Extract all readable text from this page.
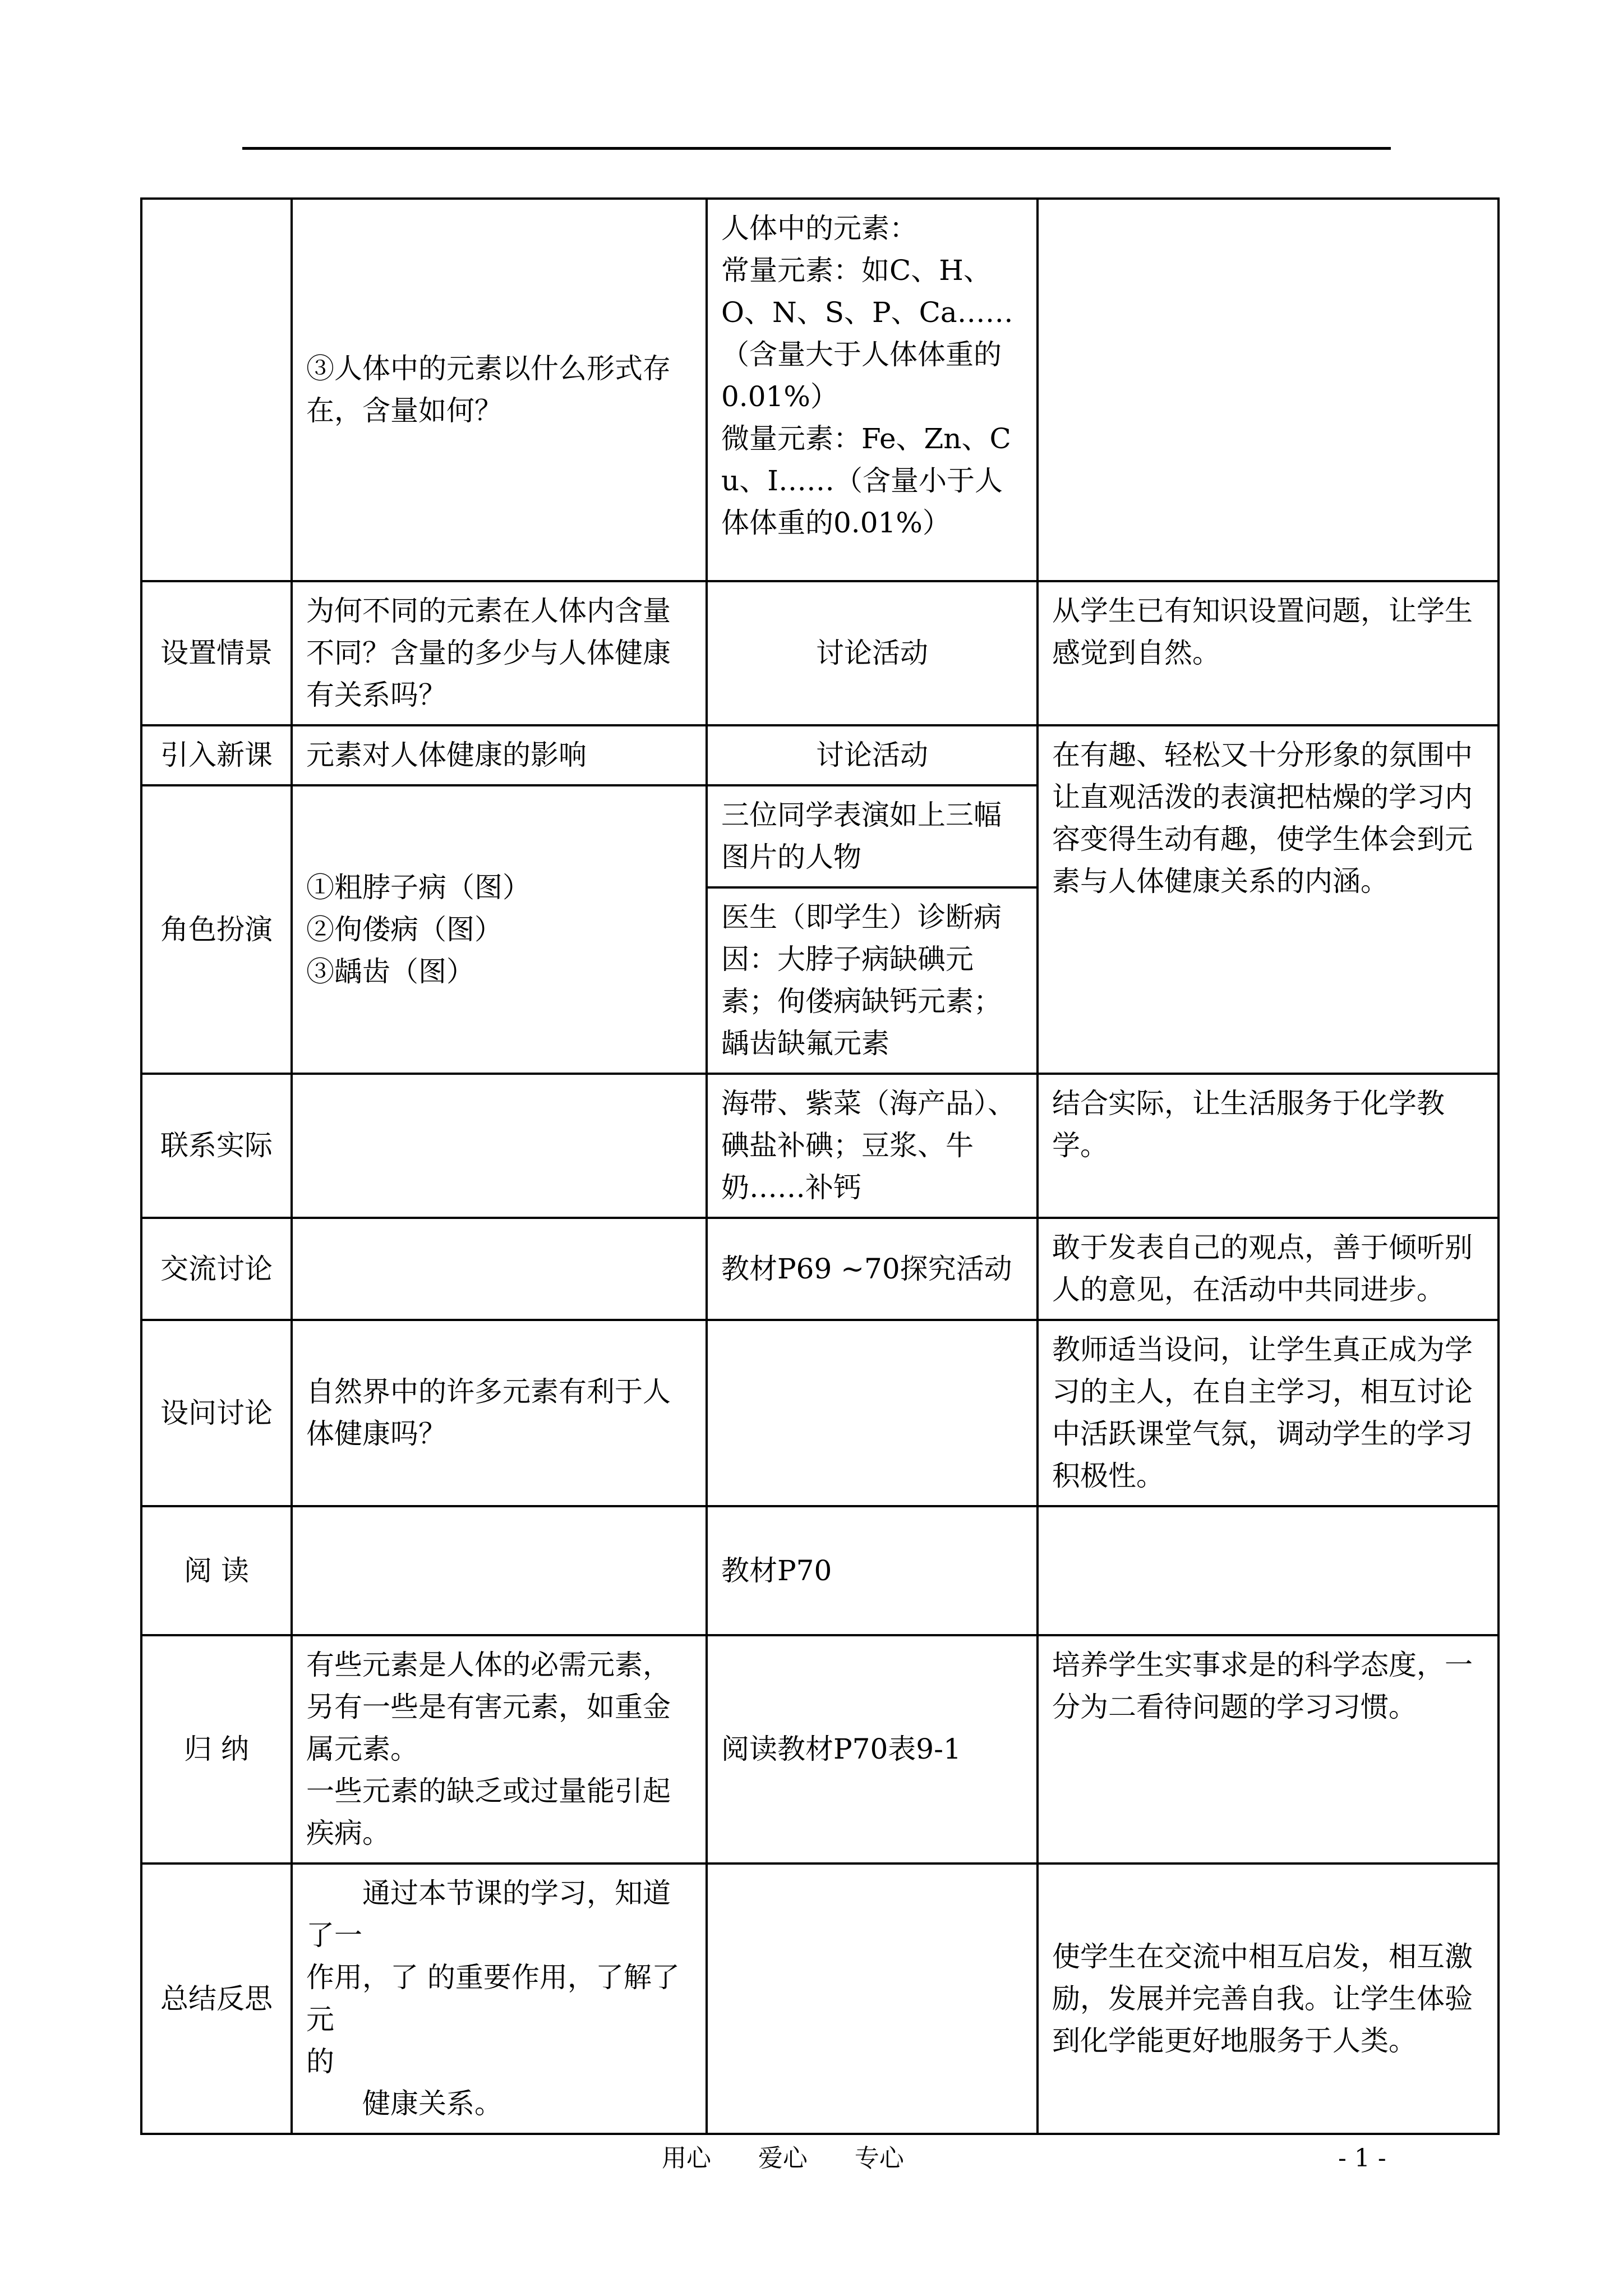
	③人体中的元素以什么形式存在，含量如何？	人体中的元素：
常量元素：如C、H、O、N、S、P、Ca……（含量大于人体体重的0.01%）
微量元素：Fe、Zn、Cu、I……（含量小于人体体重的0.01%）	

设置情景	为何不同的元素在人体内含量不同？含量的多少与人体健康有关系吗？	讨论活动	从学生已有知识设置问题，让学生感觉到自然。
引入新课	元素对人体健康的影响	讨论活动	在有趣、轻松又十分形象的氛围中让直观活泼的表演把枯燥的学习内容变得生动有趣，使学生体会到元素与人体健康关系的内涵。
角色扮演	①粗脖子病（图）
②佝偻病（图）
③龋齿（图）	三位同学表演如上三幅图片的人物	
		医生（即学生）诊断病因：大脖子病缺碘元素；佝偻病缺钙元素；龋齿缺氟元素	
联系实际		海带、紫菜（海产品）、碘盐补碘；豆浆、牛奶……补钙	结合实际，让生活服务于化学教学。
交流讨论		教材P69 ~70探究活动	敢于发表自己的观点，善于倾听别人的意见，在活动中共同进步。
设问讨论	自然界中的许多元素有利于人体健康吗？		教师适当设问，让学生真正成为学习的主人，在自主学习，相互讨论中活跃课堂气氛，调动学生的学习积极性。
阅 读		教材P70	
归 纳	有些元素是人体的必需元素，另有一些是有害元素，如重金属元素。
一些元素的缺乏或过量能引起疾病。	阅读教材P70表9-1	培养学生实事求是的科学态度，一分为二看待问题的学习习惯。
总结反思	通过本节课的学习，知道了一
作用，了 的重要作用，了解了元
的
健康关系。		使学生在交流中相互启发，相互激励，发展并完善自我。让学生体验到化学能更好地服务于人类。
用心      爱心      专心	- 1 -
